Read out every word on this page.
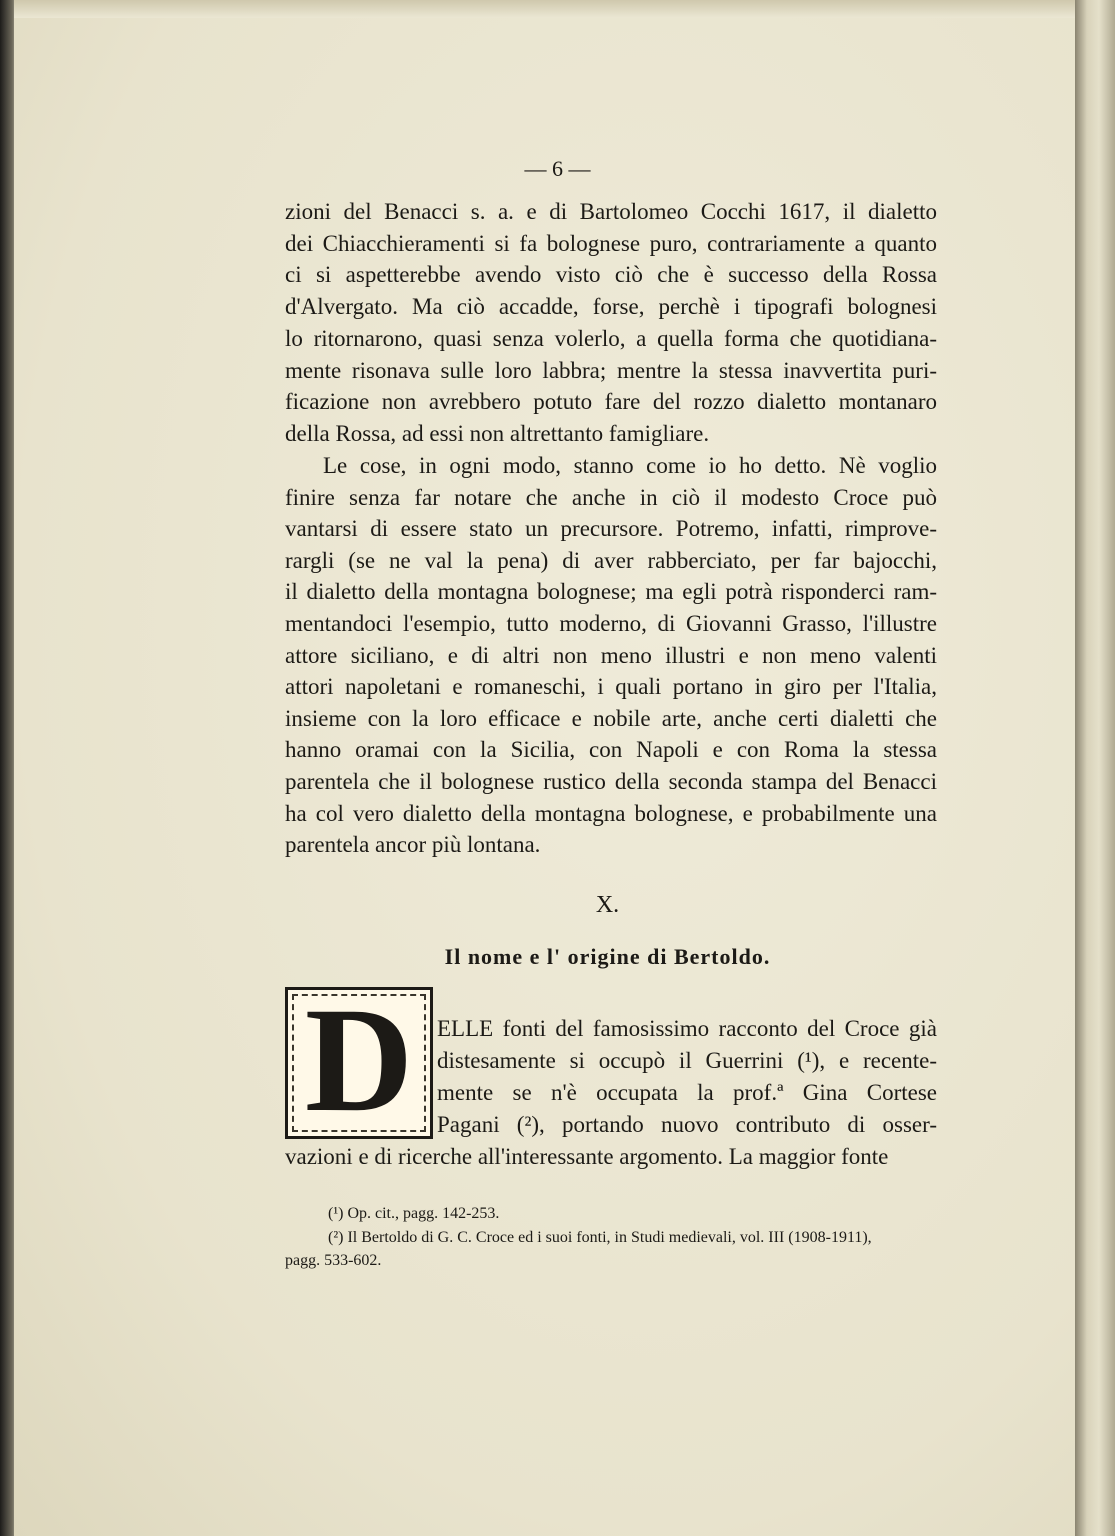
— 6 —
zioni del Benacci s. a. e di Bartolomeo Cocchi 1617, il dialetto
dei Chiacchieramenti si fa bolognese puro, contrariamente a quanto
ci si aspetterebbe avendo visto ciò che è successo della Rossa
d'Alvergato. Ma ciò accadde, forse, perchè i tipografi bolognesi
lo ritornarono, quasi senza volerlo, a quella forma che quotidiana-
mente risonava sulle loro labbra; mentre la stessa inavvertita puri-
ficazione non avrebbero potuto fare del rozzo dialetto montanaro
della Rossa, ad essi non altrettanto famigliare.
Le cose, in ogni modo, stanno come io ho detto. Nè voglio
finire senza far notare che anche in ciò il modesto Croce può
vantarsi di essere stato un precursore. Potremo, infatti, rimprove-
rargli (se ne val la pena) di aver rabberciato, per far bajocchi,
il dialetto della montagna bolognese; ma egli potrà risponderci ram-
mentandoci l'esempio, tutto moderno, di Giovanni Grasso, l'illustre
attore siciliano, e di altri non meno illustri e non meno valenti
attori napoletani e romaneschi, i quali portano in giro per l'Italia,
insieme con la loro efficace e nobile arte, anche certi dialetti che
hanno oramai con la Sicilia, con Napoli e con Roma la stessa
parentela che il bolognese rustico della seconda stampa del Benacci
ha col vero dialetto della montagna bolognese, e probabilmente una
parentela ancor più lontana.
ELLE fonti del famosissimo racconto del Croce già
distesamente si occupò il Guerrini (¹), e recente-
mente se n'è occupata la prof.ª Gina Cortese
Pagani (²), portando nuovo contributo di osser-
vazioni e di ricerche all'interessante argomento. La maggior fonte
X.
Il nome e l' origine di Bertoldo.
D
(¹) Op. cit., pagg. 142-253.
(²) Il Bertoldo di G. C. Croce ed i suoi fonti, in Studi medievali, vol. III (1908-1911),
pagg. 533-602.
